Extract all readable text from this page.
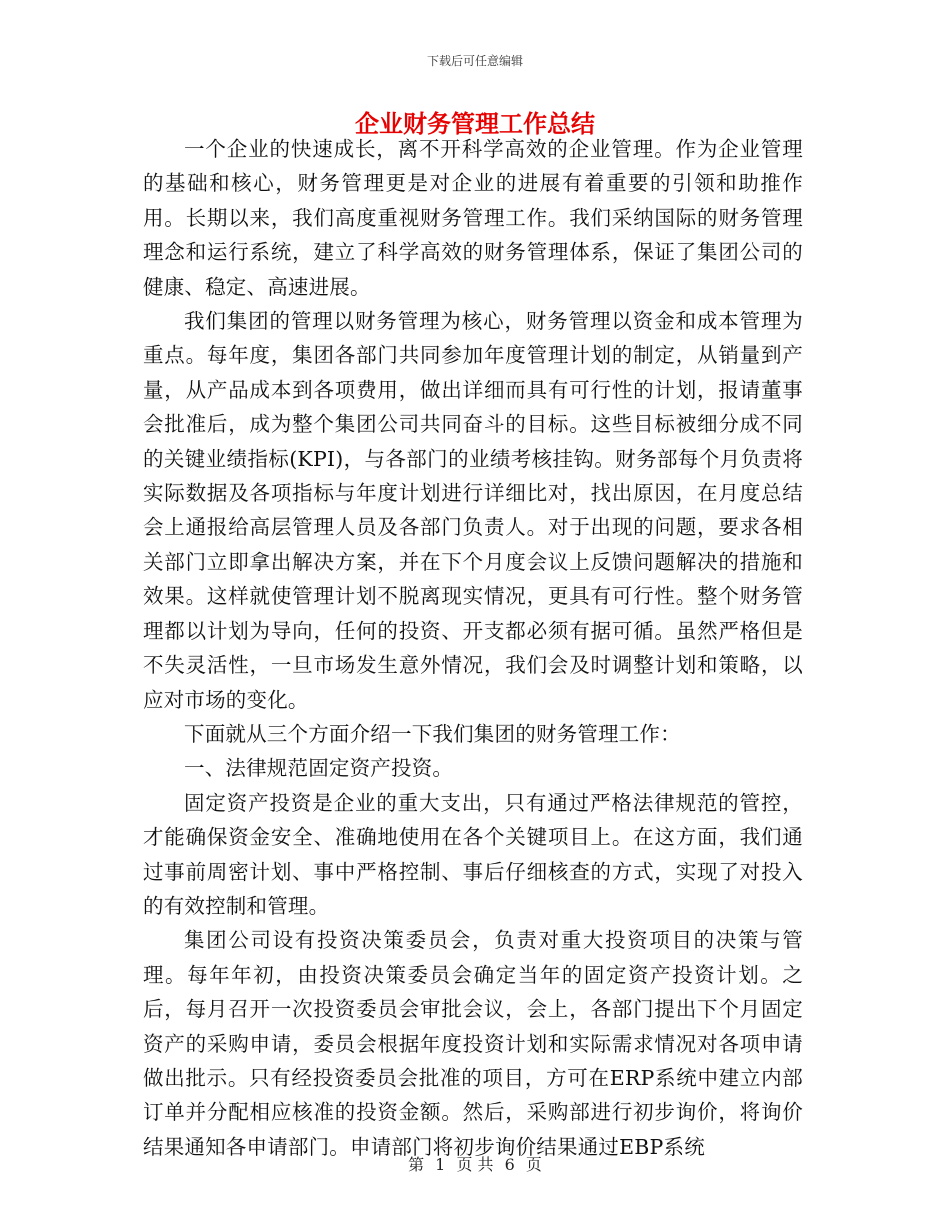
下载后可任意编辑
企业财务管理工作总结

一个企业的快速成长，离不开科学高效的企业管理。作为企业管理的基础和核心，财务管理更是对企业的进展有着重要的引领和助推作用。长期以来，我们高度重视财务管理工作。我们采纳国际的财务管理理念和运行系统，建立了科学高效的财务管理体系，保证了集团公司的健康、稳定、高速进展。

我们集团的管理以财务管理为核心，财务管理以资金和成本管理为重点。每年度，集团各部门共同参加年度管理计划的制定，从销量到产量，从产品成本到各项费用，做出详细而具有可行性的计划，报请董事会批准后，成为整个集团公司共同奋斗的目标。这些目标被细分成不同的关键业绩指标(KPI)，与各部门的业绩考核挂钩。财务部每个月负责将实际数据及各项指标与年度计划进行详细比对，找出原因，在月度总结会上通报给高层管理人员及各部门负责人。对于出现的问题，要求各相关部门立即拿出解决方案，并在下个月度会议上反馈问题解决的措施和效果。这样就使管理计划不脱离现实情况，更具有可行性。整个财务管理都以计划为导向，任何的投资、开支都必须有据可循。虽然严格但是不失灵活性，一旦市场发生意外情况，我们会及时调整计划和策略，以应对市场的变化。

下面就从三个方面介绍一下我们集团的财务管理工作：

一、法律规范固定资产投资。

固定资产投资是企业的重大支出，只有通过严格法律规范的管控，才能确保资金安全、准确地使用在各个关键项目上。在这方面，我们通过事前周密计划、事中严格控制、事后仔细核查的方式，实现了对投入的有效控制和管理。

集团公司设有投资决策委员会，负责对重大投资项目的决策与管理。每年年初，由投资决策委员会确定当年的固定资产投资计划。之后，每月召开一次投资委员会审批会议，会上，各部门提出下个月固定资产的采购申请，委员会根据年度投资计划和实际需求情况对各项申请做出批示。只有经投资委员会批准的项目，方可在ERP系统中建立内部订单并分配相应核准的投资金额。然后，采购部进行初步询价，将询价结果通知各申请部门。申请部门将初步询价结果通过EBP系统

第 1 页 共 6 页
